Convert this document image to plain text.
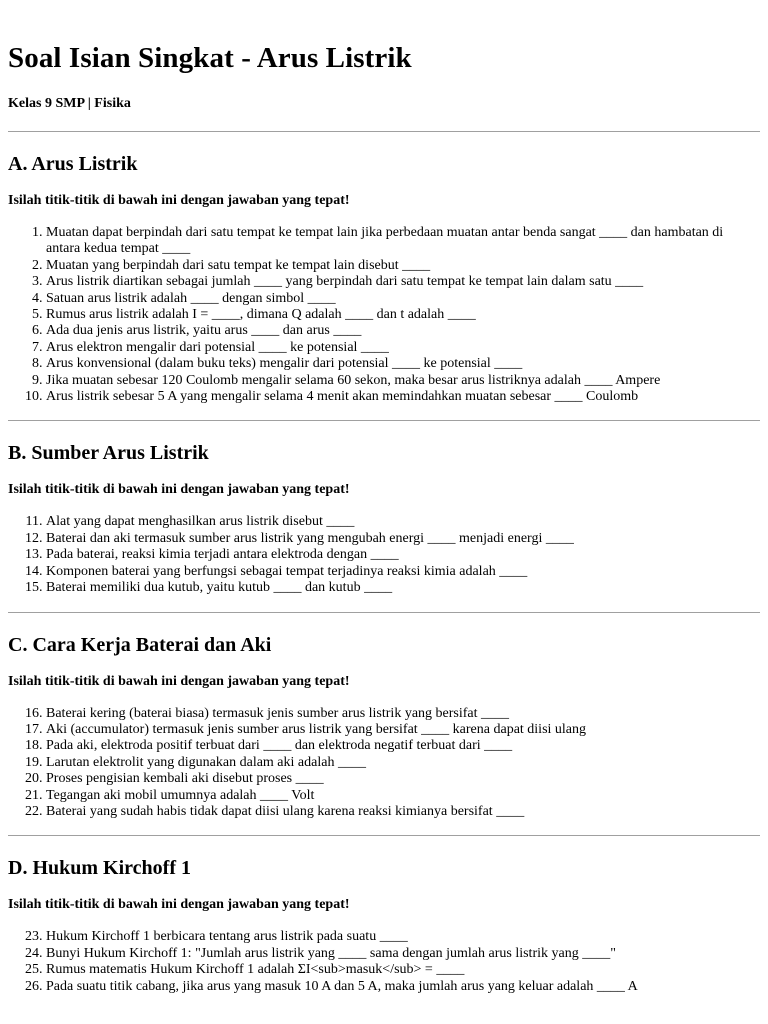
Soal Isian Singkat - Arus Listrik

Kelas 9 SMP | Fisika

A. Arus Listrik

Isilah titik-titik di bawah ini dengan jawaban yang tepat!

1. Muatan dapat berpindah dari satu tempat ke tempat lain jika perbedaan muatan antar benda sangat ____ dan hambatan di antara kedua tempat ____
2. Muatan yang berpindah dari satu tempat ke tempat lain disebut ____
3. Arus listrik diartikan sebagai jumlah ____ yang berpindah dari satu tempat ke tempat lain dalam satu ____
4. Satuan arus listrik adalah ____ dengan simbol ____
5. Rumus arus listrik adalah I = ____, dimana Q adalah ____ dan t adalah ____
6. Ada dua jenis arus listrik, yaitu arus ____ dan arus ____
7. Arus elektron mengalir dari potensial ____ ke potensial ____
8. Arus konvensional (dalam buku teks) mengalir dari potensial ____ ke potensial ____
9. Jika muatan sebesar 120 Coulomb mengalir selama 60 sekon, maka besar arus listriknya adalah ____ Ampere
10. Arus listrik sebesar 5 A yang mengalir selama 4 menit akan memindahkan muatan sebesar ____ Coulomb
B. Sumber Arus Listrik

Isilah titik-titik di bawah ini dengan jawaban yang tepat!

11. Alat yang dapat menghasilkan arus listrik disebut ____
12. Baterai dan aki termasuk sumber arus listrik yang mengubah energi ____ menjadi energi ____
13. Pada baterai, reaksi kimia terjadi antara elektroda dengan ____
14. Komponen baterai yang berfungsi sebagai tempat terjadinya reaksi kimia adalah ____
15. Baterai memiliki dua kutub, yaitu kutub ____ dan kutub ____
C. Cara Kerja Baterai dan Aki

Isilah titik-titik di bawah ini dengan jawaban yang tepat!

16. Baterai kering (baterai biasa) termasuk jenis sumber arus listrik yang bersifat ____
17. Aki (accumulator) termasuk jenis sumber arus listrik yang bersifat ____ karena dapat diisi ulang
18. Pada aki, elektroda positif terbuat dari ____ dan elektroda negatif terbuat dari ____
19. Larutan elektrolit yang digunakan dalam aki adalah ____
20. Proses pengisian kembali aki disebut proses ____
21. Tegangan aki mobil umumnya adalah ____ Volt
22. Baterai yang sudah habis tidak dapat diisi ulang karena reaksi kimianya bersifat ____
D. Hukum Kirchoff 1

Isilah titik-titik di bawah ini dengan jawaban yang tepat!

23. Hukum Kirchoff 1 berbicara tentang arus listrik pada suatu ____
24. Bunyi Hukum Kirchoff 1: "Jumlah arus listrik yang ____ sama dengan jumlah arus listrik yang ____"
25. Rumus matematis Hukum Kirchoff 1 adalah ΣI<sub>masuk</sub> = ____
26. Pada suatu titik cabang, jika arus yang masuk 10 A dan 5 A, maka jumlah arus yang keluar adalah ____ A
